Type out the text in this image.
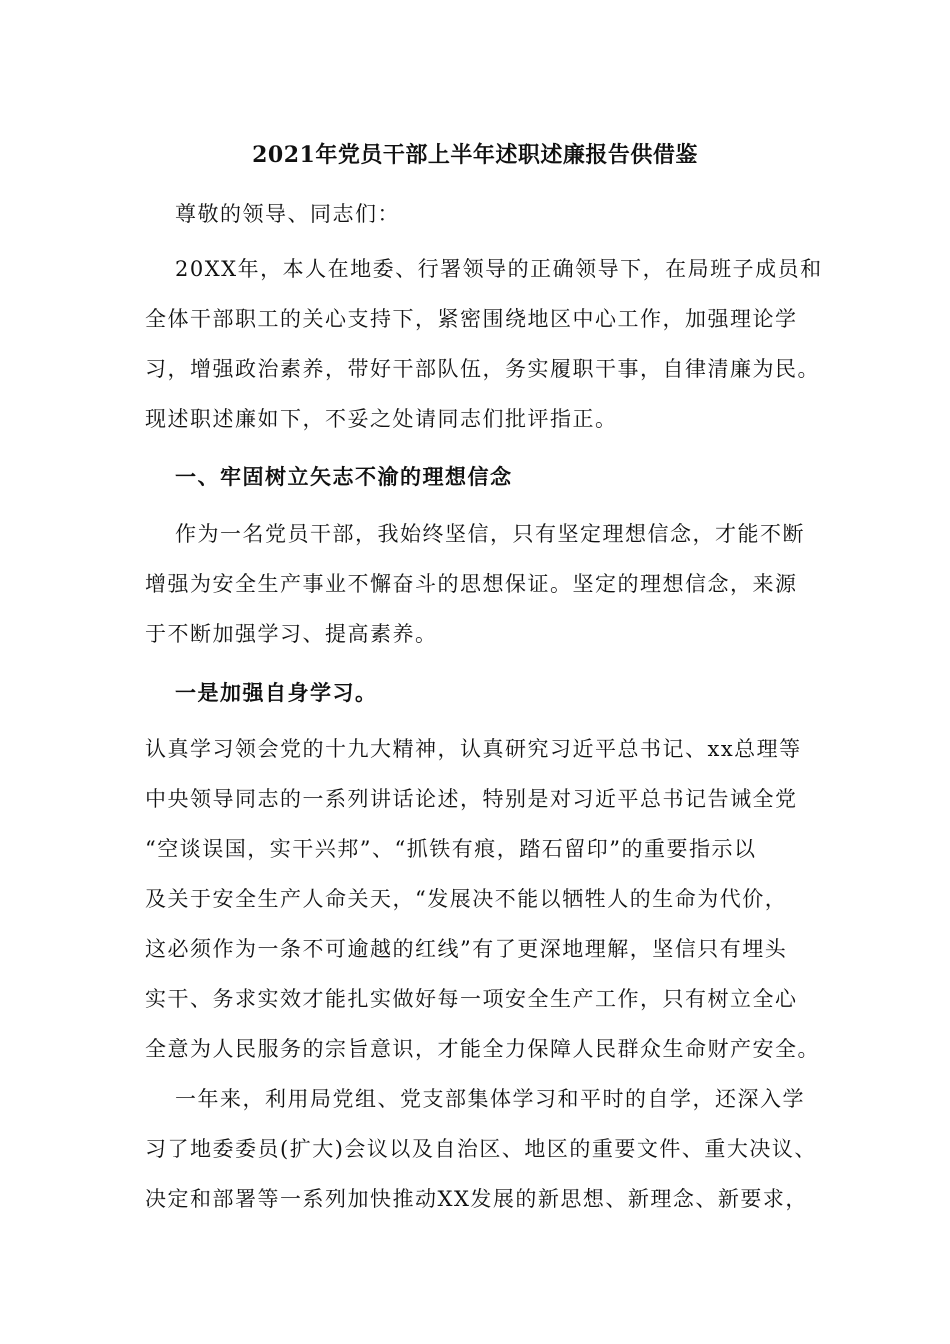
2021年党员干部上半年述职述廉报告供借鉴
尊敬的领导、同志们：
20XX年，本人在地委、行署领导的正确领导下，在局班子成员和
全体干部职工的关心支持下，紧密围绕地区中心工作，加强理论学
习，增强政治素养，带好干部队伍，务实履职干事，自律清廉为民。
现述职述廉如下，不妥之处请同志们批评指正。
一、牢固树立矢志不渝的理想信念
作为一名党员干部，我始终坚信，只有坚定理想信念，才能不断
增强为安全生产事业不懈奋斗的思想保证。坚定的理想信念，来源
于不断加强学习、提高素养。
一是加强自身学习。
认真学习领会党的十九大精神，认真研究习近平总书记、xx总理等
中央领导同志的一系列讲话论述，特别是对习近平总书记告诫全党
“空谈误国，实干兴邦”、“抓铁有痕，踏石留印”的重要指示以
及关于安全生产人命关天，“发展决不能以牺牲人的生命为代价，
这必须作为一条不可逾越的红线”有了更深地理解，坚信只有埋头
实干、务求实效才能扎实做好每一项安全生产工作，只有树立全心
全意为人民服务的宗旨意识，才能全力保障人民群众生命财产安全。
一年来，利用局党组、党支部集体学习和平时的自学，还深入学
习了地委委员(扩大)会议以及自治区、地区的重要文件、重大决议、
决定和部署等一系列加快推动XX发展的新思想、新理念、新要求，
